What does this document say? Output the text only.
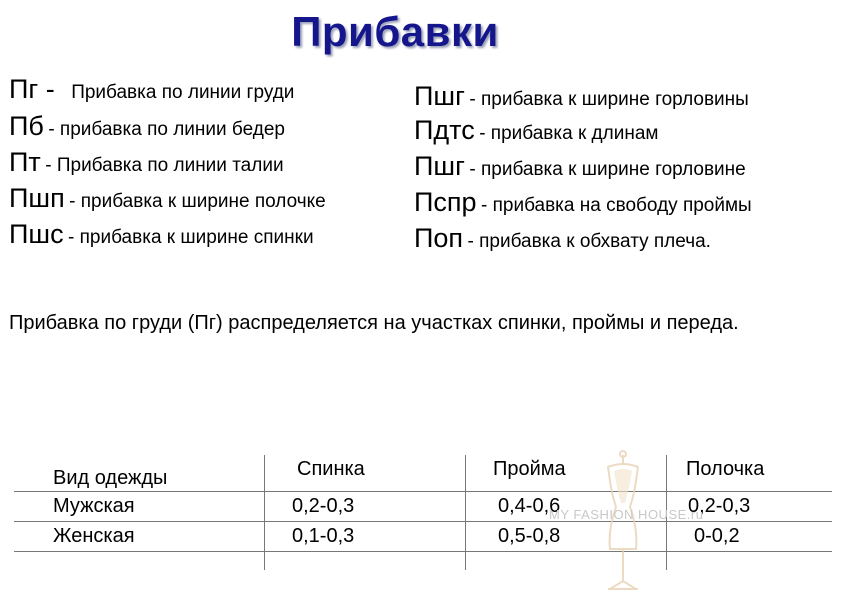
Прибавки
Пг - Прибавка по линии груди
Пб - прибавка по линии бедер
Пт - Прибавка по линии талии
Пшп - прибавка к ширине полочке
Пшс - прибавка к ширине спинки
Пшг - прибавка к ширине горловины
Пдтс - прибавка к длинам
Пшг - прибавка к ширине горловине
Пспр - прибавка на свободу проймы
Поп - прибавка к обхвату плеча.
Прибавка по груди (Пг) распределяется на участках спинки, проймы и переда.
Вид одежды	Спинка	Пройма	Полочка
Мужская	0,2-0,3	0,4-0,6	0,2-0,3
Женская	0,1-0,3	0,5-0,8	0-0,2
MY FASHION HOUSE.ru
